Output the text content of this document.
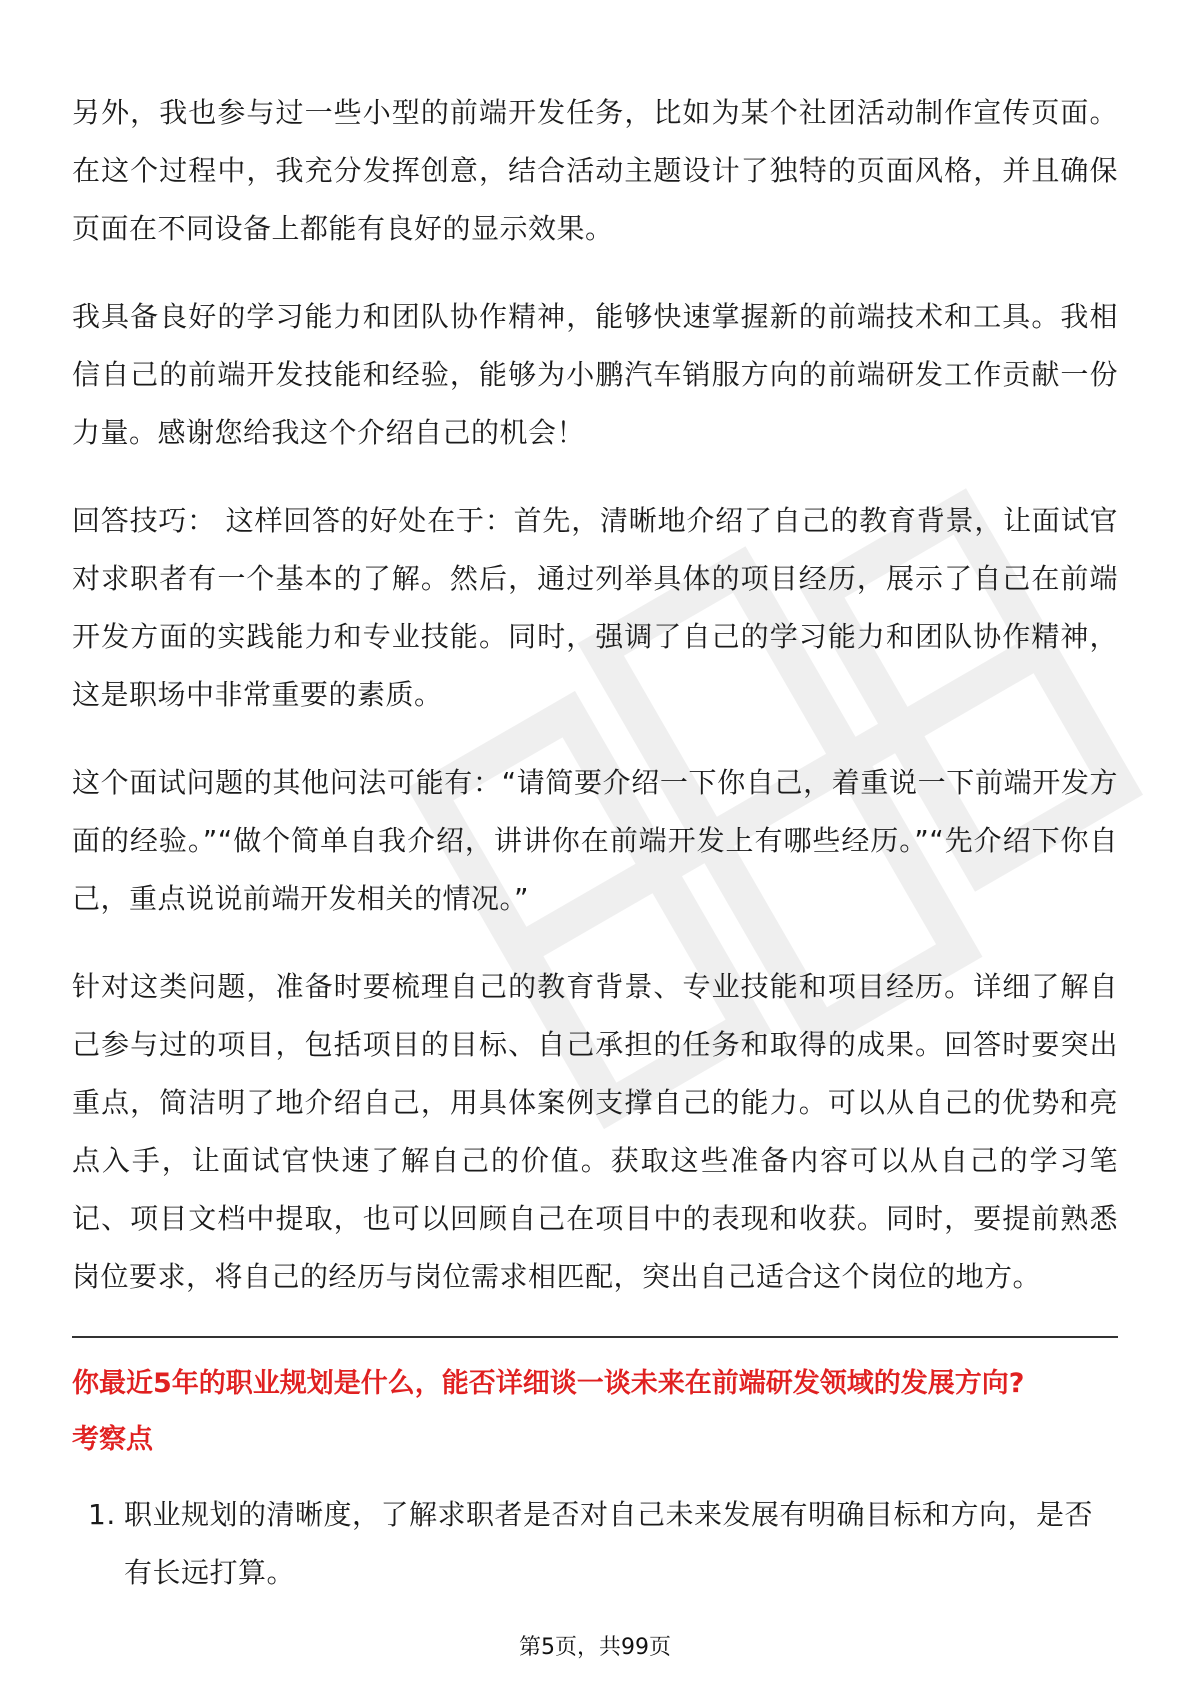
另外，我也参与过一些小型的前端开发任务，比如为某个社团活动制作宣传页面。在这个过程中，我充分发挥创意，结合活动主题设计了独特的页面风格，并且确保页面在不同设备上都能有良好的显示效果。

我具备良好的学习能力和团队协作精神，能够快速掌握新的前端技术和工具。我相信自己的前端开发技能和经验，能够为小鹏汽车销服方向的前端研发工作贡献一份力量。感谢您给我这个介绍自己的机会！

回答技巧： 这样回答的好处在于：首先，清晰地介绍了自己的教育背景，让面试官对求职者有一个基本的了解。然后，通过列举具体的项目经历，展示了自己在前端开发方面的实践能力和专业技能。同时，强调了自己的学习能力和团队协作精神，这是职场中非常重要的素质。

这个面试问题的其他问法可能有：“请简要介绍一下你自己，着重说一下前端开发方面的经验。”“做个简单自我介绍，讲讲你在前端开发上有哪些经历。”“先介绍下你自己，重点说说前端开发相关的情况。”

针对这类问题，准备时要梳理自己的教育背景、专业技能和项目经历。详细了解自己参与过的项目，包括项目的目标、自己承担的任务和取得的成果。回答时要突出重点，简洁明了地介绍自己，用具体案例支撑自己的能力。可以从自己的优势和亮点入手，让面试官快速了解自己的价值。获取这些准备内容可以从自己的学习笔记、项目文档中提取，也可以回顾自己在项目中的表现和收获。同时，要提前熟悉岗位要求，将自己的经历与岗位需求相匹配，突出自己适合这个岗位的地方。

你最近5年的职业规划是什么，能否详细谈一谈未来在前端研发领域的发展方向?

考察点

1. 职业规划的清晰度，了解求职者是否对自己未来发展有明确目标和方向，是否有长远打算。
第5页，共99页
